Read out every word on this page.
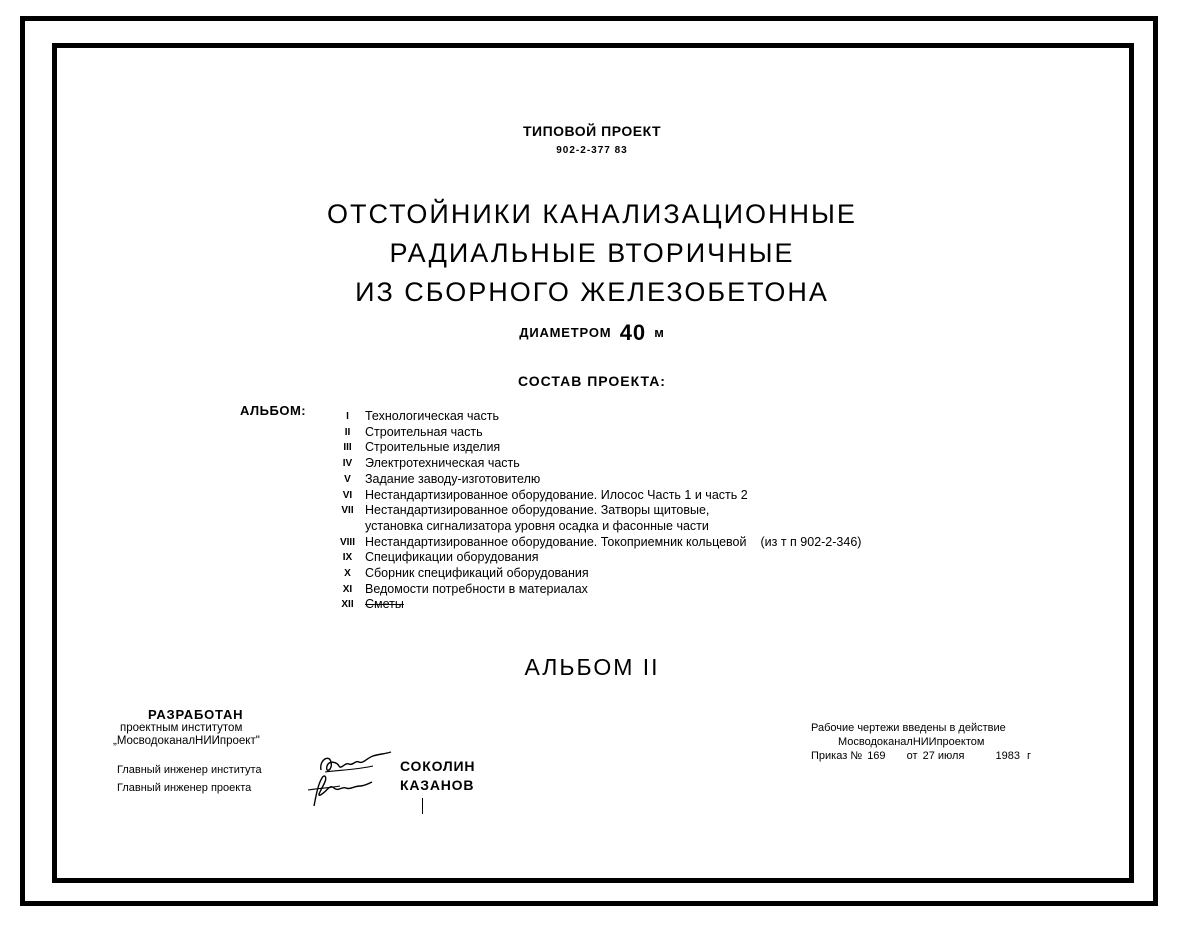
ТИПОВОЙ ПРОЕКТ
902-2-377 83
ОТСТОЙНИКИ КАНАЛИЗАЦИОННЫЕ
РАДИАЛЬНЫЕ ВТОРИЧНЫЕ
ИЗ СБОРНОГО ЖЕЛЕЗОБЕТОНА
ДИАМЕТРОМ 40 м
СОСТАВ ПРОЕКТА:
АЛЬБОМ:	I	Технологическая часть
II	Строительная часть
III	Строительные изделия
IV	Электротехническая часть
V	Задание заводу-изготовителю
VI	Нестандартизированное оборудование. Илосос Часть 1 и часть 2
VII Нестандартизированное оборудование. Затворы щитовые,
установка сигнализатора уровня осадка и фасонные части
VIII Нестандартизированное оборудование. Токоприемник кольцевой (из т п 902-2-346)
IX	Спецификации оборудования
X	Сборник спецификаций оборудования
XI	Ведомости потребности в материалах
XII Сметы
АЛЬБОМ II
РАЗРАБОТАН
проектным институтом
„МосводоканалНИИпроект"
Главный инженер института
Главный инженер проекта
СОКОЛИН
КАЗАНОВ
Рабочие чертежи введены в действие
МосводоканалНИИпроектом
Приказ № 169 от 27 июля	1983 г
